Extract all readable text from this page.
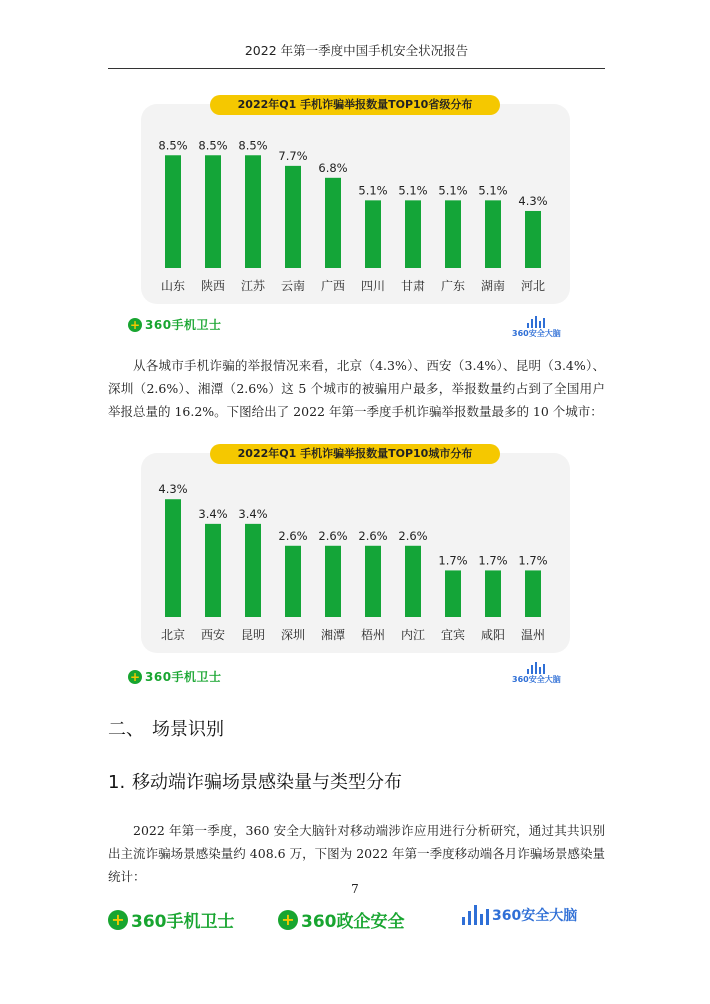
2022 年第一季度中国手机安全状况报告
2022年Q1 手机诈骗举报数量TOP10省级分布
8.5%
山东
8.5%
陕西
8.5%
江苏
7.7%
云南
6.8%
广西
5.1%
四川
5.1%
甘肃
5.1%
广东
5.1%
湖南
4.3%
河北
+ 360手机卫士
360安全大脑

从各城市手机诈骗的举报情况来看，北京（4.3%）、西安（3.4%）、昆明（3.4%）、深圳（2.6%）、湘潭（2.6%）这 5 个城市的被骗用户最多，举报数量约占到了全国用户举报总量的 16.2%。下图给出了 2022 年第一季度手机诈骗举报数量最多的 10 个城市：

2022年Q1 手机诈骗举报数量TOP10城市分布
4.3%
北京
3.4%
西安
3.4%
昆明
2.6%
深圳
2.6%
湘潭
2.6%
梧州
2.6%
内江
1.7%
宜宾
1.7%
咸阳
1.7%
温州
+ 360手机卫士	360安全大脑
二、 场景识别
1. 移动端诈骗场景感染量与类型分布

2022 年第一季度，360 安全大脑针对移动端涉诈应用进行分析研究，通过其共识别出主流诈骗场景感染量约 408.6 万，下图为 2022 年第一季度移动端各月诈骗场景感染量统计：

7
+ 360手机卫士	+ 360政企安全	360安全大脑
